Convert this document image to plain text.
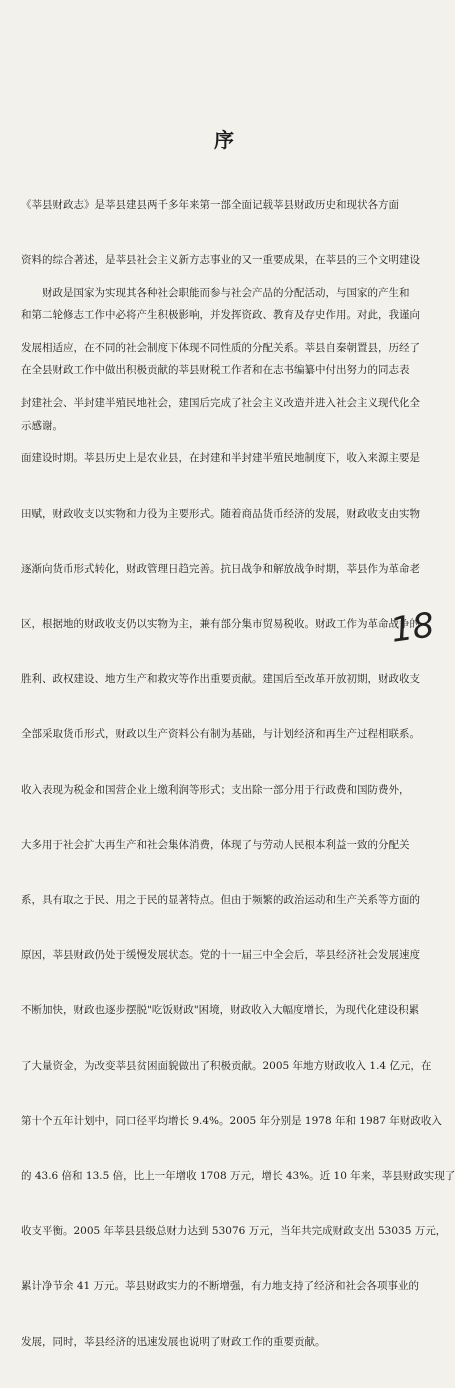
序

《莘县财政志》是莘县建县两千多年来第一部全面记载莘县财政历史和现状各方面

资料的综合著述，是莘县社会主义新方志事业的又一重要成果，在莘县的三个文明建设

和第二轮修志工作中必将产生积极影响，并发挥资政、教育及存史作用。对此，我谨向

在全县财政工作中做出积极贡献的莘县财税工作者和在志书编纂中付出努力的同志表

示感谢。

财政是国家为实现其各种社会职能而参与社会产品的分配活动，与国家的产生和

发展相适应，在不同的社会制度下体现不同性质的分配关系。莘县自秦朝置县，历经了

封建社会、半封建半殖民地社会，建国后完成了社会主义改造并进入社会主义现代化全

面建设时期。莘县历史上是农业县，在封建和半封建半殖民地制度下，收入来源主要是

田赋，财政收支以实物和力役为主要形式。随着商品货币经济的发展，财政收支由实物

逐渐向货币形式转化，财政管理日趋完善。抗日战争和解放战争时期，莘县作为革命老

区，根据地的财政收支仍以实物为主，兼有部分集市贸易税收。财政工作为革命战争的

胜利、政权建设、地方生产和救灾等作出重要贡献。建国后至改革开放初期，财政收支

全部采取货币形式，财政以生产资料公有制为基础，与计划经济和再生产过程相联系。

收入表现为税金和国营企业上缴利润等形式；支出除一部分用于行政费和国防费外，

大多用于社会扩大再生产和社会集体消费，体现了与劳动人民根本利益一致的分配关

系，具有取之于民、用之于民的显著特点。但由于频繁的政治运动和生产关系等方面的

原因，莘县财政仍处于缓慢发展状态。党的十一届三中全会后，莘县经济社会发展速度

不断加快，财政也逐步摆脱"吃饭财政"困境，财政收入大幅度增长，为现代化建设积累

了大量资金，为改变莘县贫困面貌做出了积极贡献。2005 年地方财政收入 1.4 亿元，在

第十个五年计划中，同口径平均增长 9.4%。2005 年分别是 1978 年和 1987 年财政收入

的 43.6 倍和 13.5 倍，比上一年增收 1708 万元，增长 43%。近 10 年来，莘县财政实现了

收支平衡。2005 年莘县县级总财力达到 53076 万元，当年共完成财政支出 53035 万元，

累计净节余 41 万元。莘县财政实力的不断增强，有力地支持了经济和社会各项事业的

发展，同时，莘县经济的迅速发展也说明了财政工作的重要贡献。

18
